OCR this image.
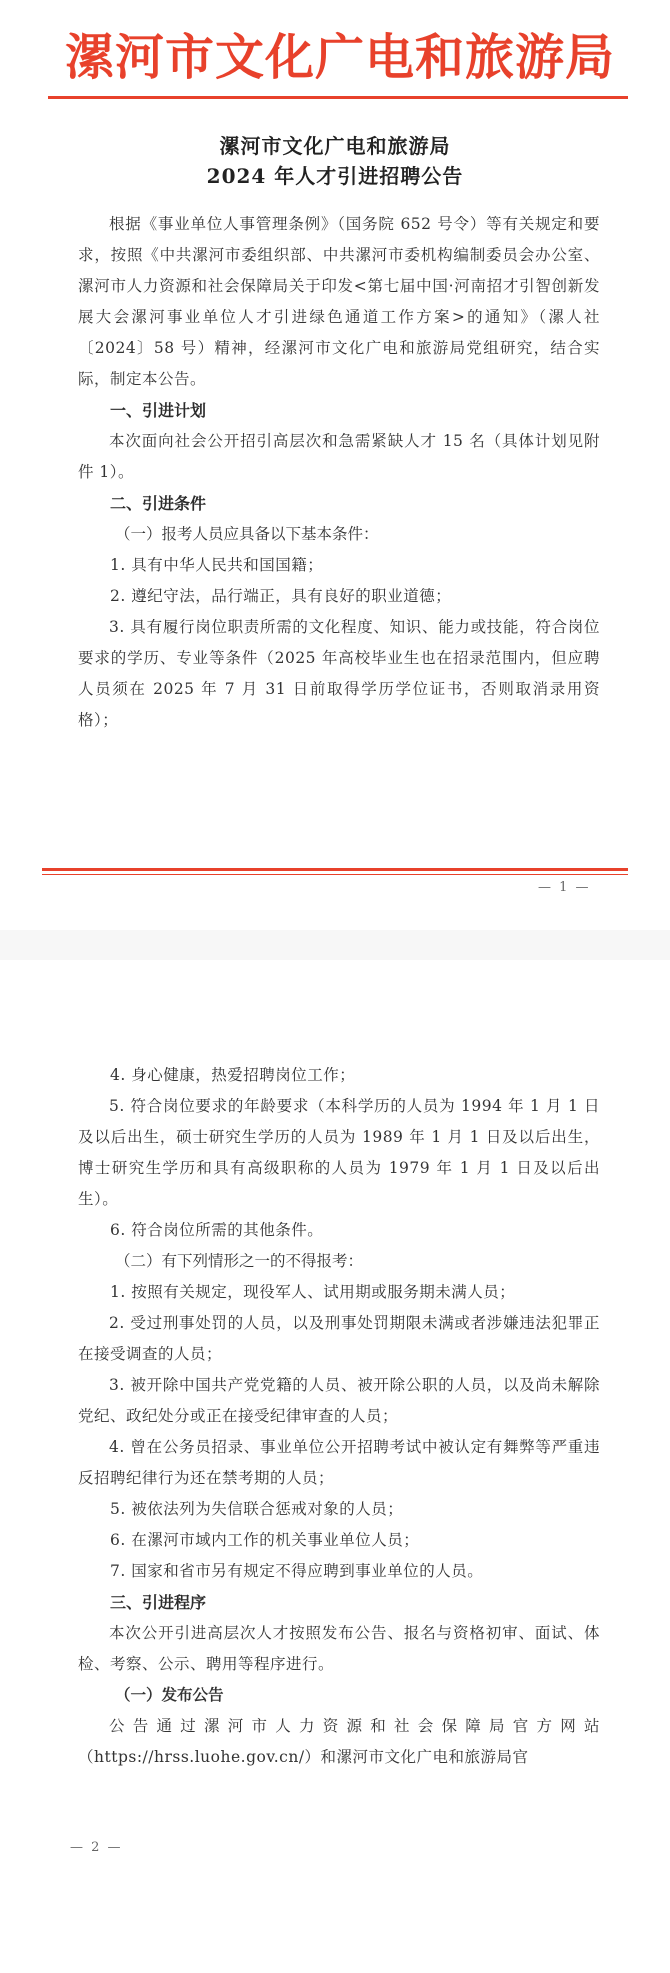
漯河市文化广电和旅游局
漯河市文化广电和旅游局
2024 年人才引进招聘公告
根据《事业单位人事管理条例》（国务院 652 号令）等有关规定和要求，按照《中共漯河市委组织部、中共漯河市委机构编制委员会办公室、漯河市人力资源和社会保障局关于印发<第七届中国·河南招才引智创新发展大会漯河事业单位人才引进绿色通道工作方案>的通知》（漯人社〔2024〕58 号）精神，经漯河市文化广电和旅游局党组研究，结合实际，制定本公告。
一、引进计划
本次面向社会公开招引高层次和急需紧缺人才 15 名（具体计划见附件 1）。
二、引进条件
（一）报考人员应具备以下基本条件：
1. 具有中华人民共和国国籍；
2. 遵纪守法，品行端正，具有良好的职业道德；
3. 具有履行岗位职责所需的文化程度、知识、能力或技能，符合岗位要求的学历、专业等条件（2025 年高校毕业生也在招录范围内，但应聘人员须在 2025 年 7 月 31 日前取得学历学位证书，否则取消录用资格）；
— 1 —
4. 身心健康，热爱招聘岗位工作；
5. 符合岗位要求的年龄要求（本科学历的人员为 1994 年 1 月 1 日及以后出生，硕士研究生学历的人员为 1989 年 1 月 1 日及以后出生，博士研究生学历和具有高级职称的人员为 1979 年 1 月 1 日及以后出生）。
6. 符合岗位所需的其他条件。
（二）有下列情形之一的不得报考：
1. 按照有关规定，现役军人、试用期或服务期未满人员；
2. 受过刑事处罚的人员，以及刑事处罚期限未满或者涉嫌违法犯罪正在接受调查的人员；
3. 被开除中国共产党党籍的人员、被开除公职的人员，以及尚未解除党纪、政纪处分或正在接受纪律审查的人员；
4. 曾在公务员招录、事业单位公开招聘考试中被认定有舞弊等严重违反招聘纪律行为还在禁考期的人员；
5. 被依法列为失信联合惩戒对象的人员；
6. 在漯河市域内工作的机关事业单位人员；
7. 国家和省市另有规定不得应聘到事业单位的人员。
三、引进程序
本次公开引进高层次人才按照发布公告、报名与资格初审、面试、体检、考察、公示、聘用等程序进行。
（一）发布公告
公告通过漯河市人力资源和社会保障局官方网站（https://hrss.luohe.gov.cn/）和漯河市文化广电和旅游局官
— 2 —
